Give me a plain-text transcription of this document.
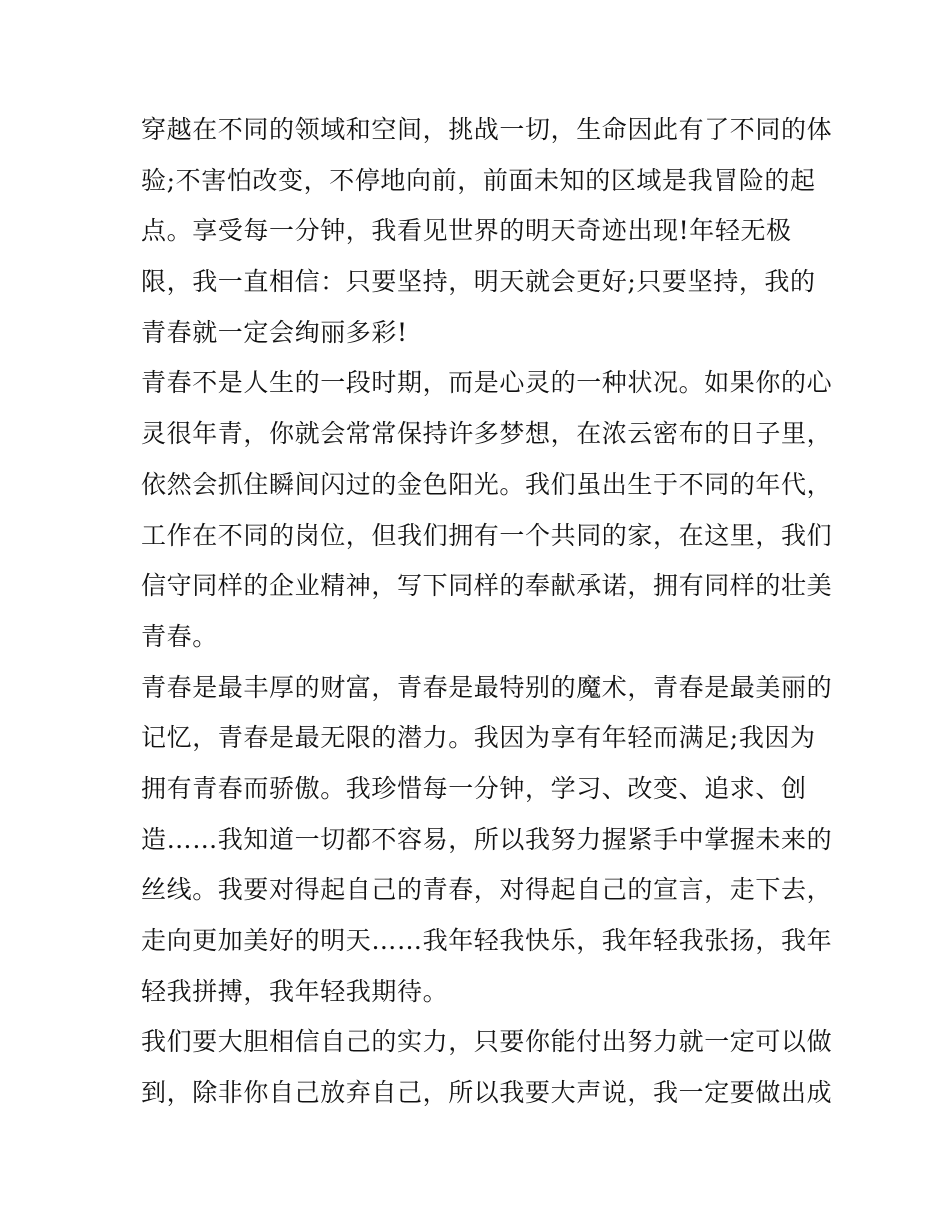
穿越在不同的领域和空间，挑战一切，生命因此有了不同的体
验;不害怕改变，不停地向前，前面未知的区域是我冒险的起
点。享受每一分钟，我看见世界的明天奇迹出现!年轻无极
限，我一直相信：只要坚持，明天就会更好;只要坚持，我的
青春就一定会绚丽多彩!
青春不是人生的一段时期，而是心灵的一种状况。如果你的心
灵很年青，你就会常常保持许多梦想，在浓云密布的日子里，
依然会抓住瞬间闪过的金色阳光。我们虽出生于不同的年代，
工作在不同的岗位，但我们拥有一个共同的家，在这里，我们
信守同样的企业精神，写下同样的奉献承诺，拥有同样的壮美
青春。
青春是最丰厚的财富，青春是最特别的魔术，青春是最美丽的
记忆，青春是最无限的潜力。我因为享有年轻而满足;我因为
拥有青春而骄傲。我珍惜每一分钟，学习、改变、追求、创
造……我知道一切都不容易，所以我努力握紧手中掌握未来的
丝线。我要对得起自己的青春，对得起自己的宣言，走下去，
走向更加美好的明天……我年轻我快乐，我年轻我张扬，我年
轻我拼搏，我年轻我期待。
我们要大胆相信自己的实力，只要你能付出努力就一定可以做
到，除非你自己放弃自己，所以我要大声说，我一定要做出成
